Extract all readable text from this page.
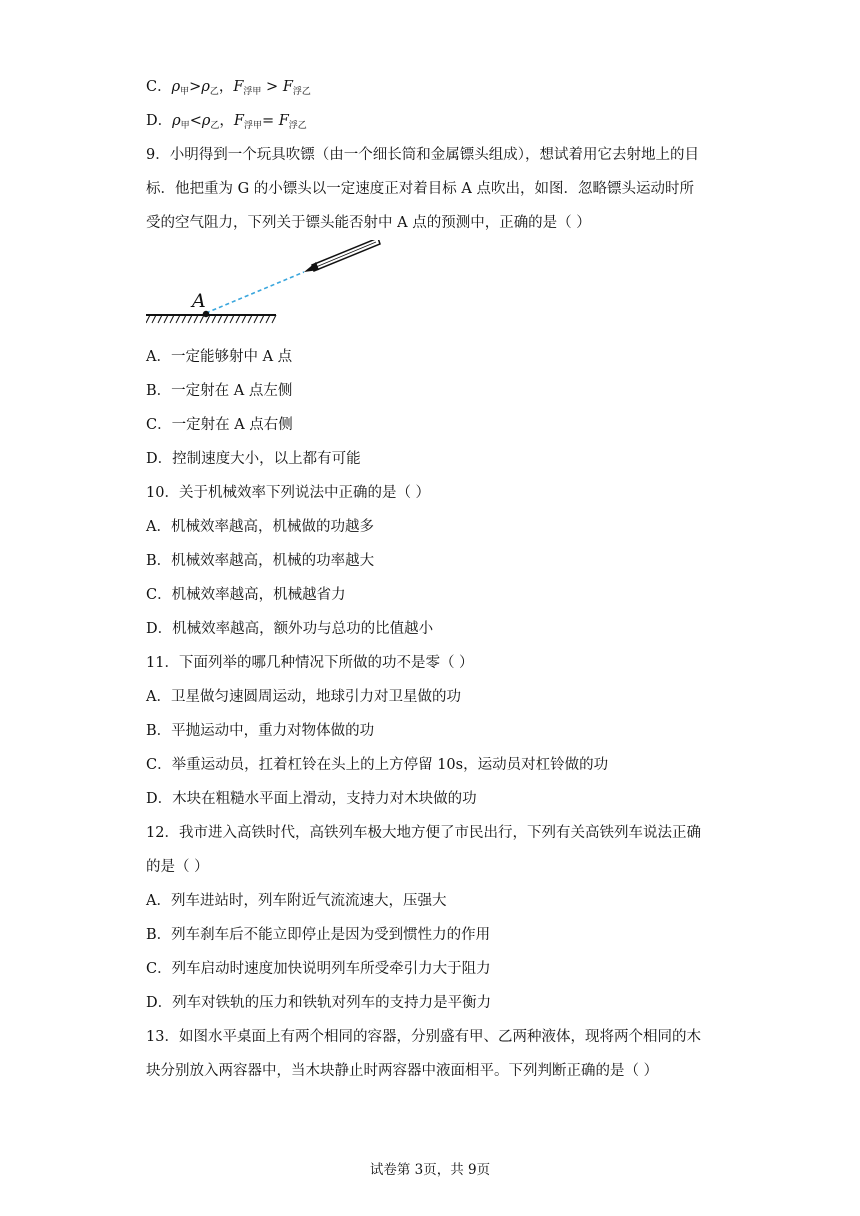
C．$\rho_甲>\rho_乙$，$F_{浮甲} > F_{浮乙}$
D．$\rho_甲<\rho_乙$，$F_{浮甲}= F_{浮乙}$
9．小明得到一个玩具吹镖（由一个细长筒和金属镖头组成），想试着用它去射地上的目
标．他把重为 G 的小镖头以一定速度正对着目标 A 点吹出，如图．忽略镖头运动时所
受的空气阻力，下列关于镖头能否射中 A 点的预测中，正确的是（ ）
A
A．一定能够射中 A 点
B．一定射在 A 点左侧
C．一定射在 A 点右侧
D．控制速度大小，以上都有可能
10．关于机械效率下列说法中正确的是（ ）
A．机械效率越高，机械做的功越多
B．机械效率越高，机械的功率越大
C．机械效率越高，机械越省力
D．机械效率越高，额外功与总功的比值越小
11．下面列举的哪几种情况下所做的功不是零（ ）
A．卫星做匀速圆周运动，地球引力对卫星做的功
B．平抛运动中，重力对物体做的功
C．举重运动员，扛着杠铃在头上的上方停留 10s，运动员对杠铃做的功
D．木块在粗糙水平面上滑动，支持力对木块做的功
12．我市进入高铁时代，高铁列车极大地方便了市民出行，下列有关高铁列车说法正确
的是（ ）
A．列车进站时，列车附近气流流速大，压强大
B．列车刹车后不能立即停止是因为受到惯性力的作用
C．列车启动时速度加快说明列车所受牵引力大于阻力
D．列车对铁轨的压力和铁轨对列车的支持力是平衡力
13．如图水平桌面上有两个相同的容器，分别盛有甲、乙两种液体，现将两个相同的木
块分别放入两容器中，当木块静止时两容器中液面相平。下列判断正确的是（ ）
试卷第 3页，共 9页
